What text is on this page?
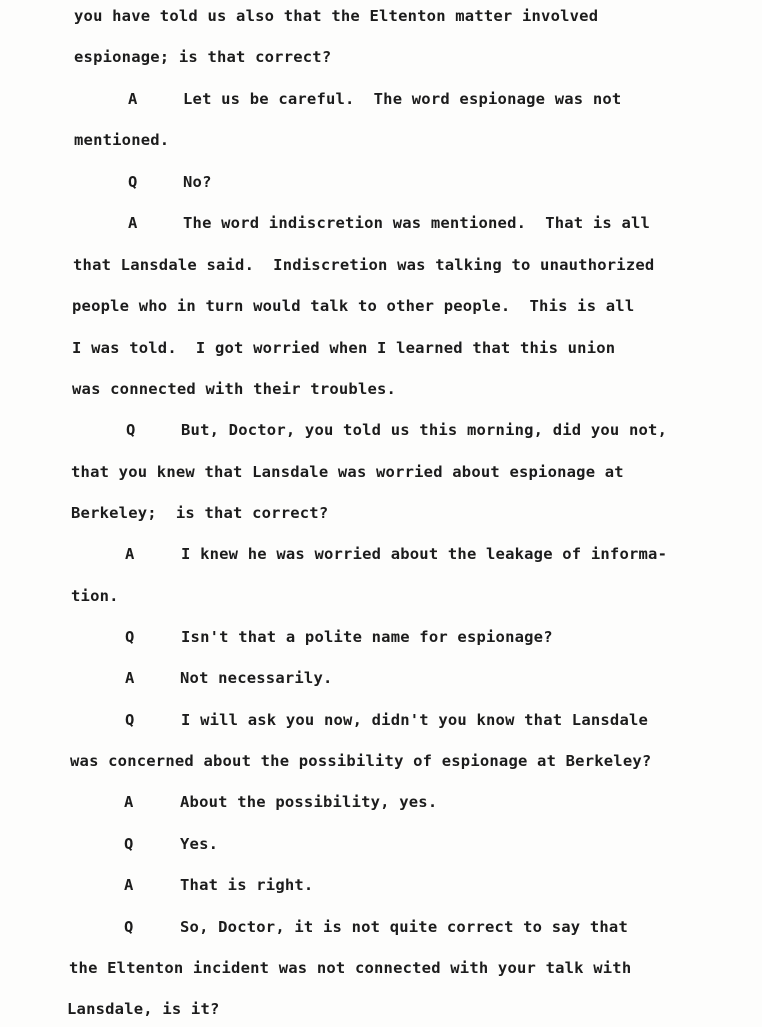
you have told us also that the Eltenton matter involved
espionage; is that correct?
A	Let us be careful.  The word espionage was not
mentioned.
Q	No?
A	The word indiscretion was mentioned.  That is all
that Lansdale said.  Indiscretion was talking to unauthorized
people who in turn would talk to other people.  This is all
I was told.  I got worried when I learned that this union
was connected with their troubles.
Q	But, Doctor, you told us this morning, did you not,
that you knew that Lansdale was worried about espionage at
Berkeley;  is that correct?
A	I knew he was worried about the leakage of informa-
tion.
Q	Isn't that a polite name for espionage?
A	Not necessarily.
Q	I will ask you now, didn't you know that Lansdale
was concerned about the possibility of espionage at Berkeley?
A	About the possibility, yes.
Q	Yes.
A	That is right.
Q	So, Doctor, it is not quite correct to say that
the Eltenton incident was not connected with your talk with
Lansdale, is it?
